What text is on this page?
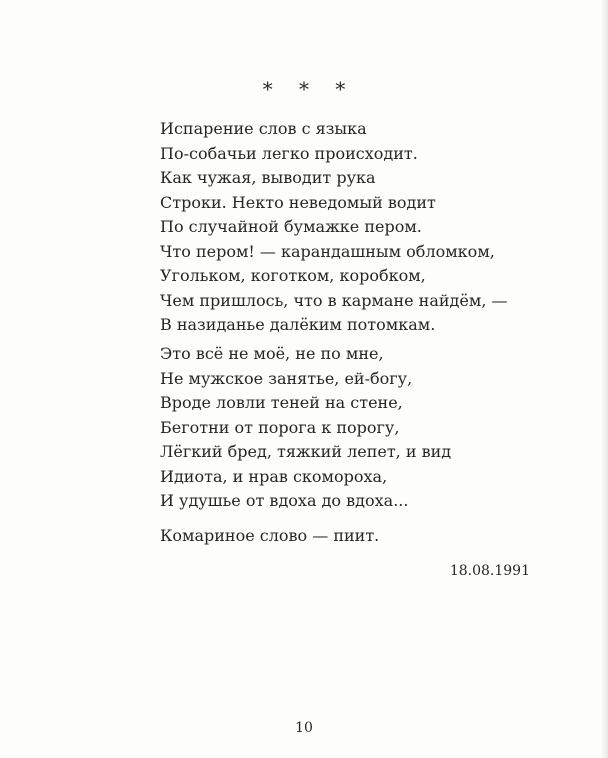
* * *
Испарение слов с языка
По-собачьи легко происходит.
Как чужая, выводит рука
Строки. Некто неведомый водит
По случайной бумажке пером.
Что пером! — карандашным обломком,
Угольком, коготком, коробком,
Чем пришлось, что в кармане найдём, —
В назиданье далёким потомкам.
Это всё не моё, не по мне,
Не мужское занятье, ей-богу,
Вроде ловли теней на стене,
Беготни от порога к порогу,
Лёгкий бред, тяжкий лепет, и вид
Идиота, и нрав скомороха,
И удушье от вдоха до вдоха...
Комариное слово — пиит.
18.08.1991
10
